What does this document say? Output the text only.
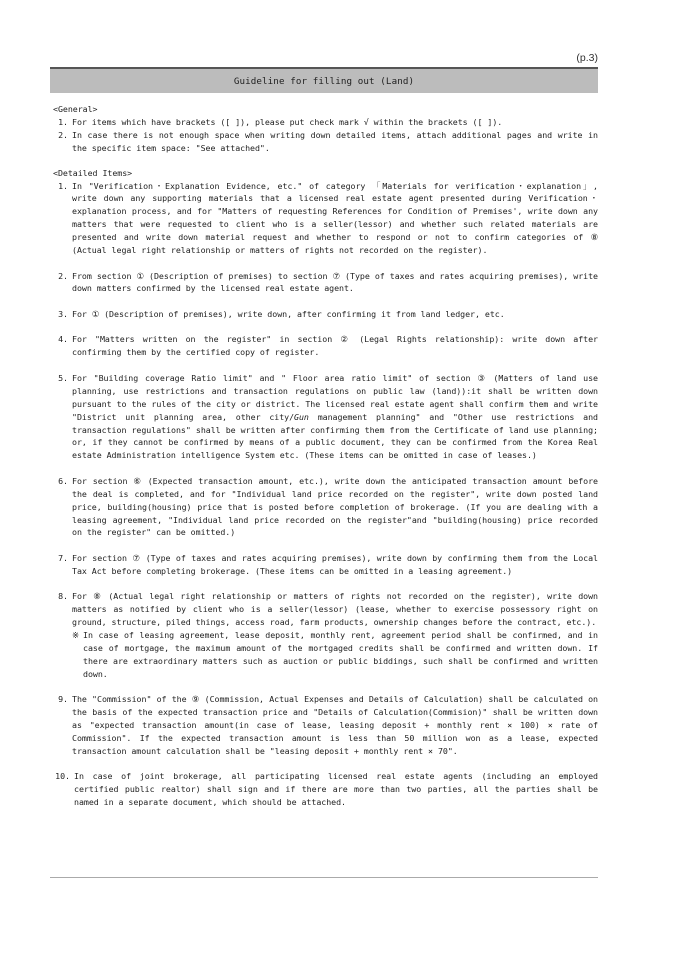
(p.3)
Guideline for filling out (Land)
<General>
1. For items which have brackets ([ ]), please put check mark √ within the brackets ([ ]).
2. In case there is not enough space when writing down detailed items, attach additional pages and write in the specific item space: "See attached".
<Detailed Items>
1. In "Verification・Explanation Evidence, etc." of category 「Materials for verification・explanation」, write down any supporting materials that a licensed real estate agent presented during Verification・explanation process, and for "Matters of requesting References for Condition of Premises', write down any matters that were requested to client who is a seller(lessor) and whether such related materials are presented and write down material request and whether to respond or not to confirm categories of ⑧ (Actual legal right relationship or matters of rights not recorded on the register).
2. From section ① (Description of premises) to section ⑦ (Type of taxes and rates acquiring premises), write down matters confirmed by the licensed real estate agent.
3. For ① (Description of premises), write down, after confirming it from land ledger, etc.
4. For "Matters written on the register" in section ② (Legal Rights relationship): write down after confirming them by the certified copy of register.
5. For "Building coverage Ratio limit" and " Floor area ratio limit" of section ③ (Matters of land use planning, use restrictions and transaction regulations on public law (land)):it shall be written down pursuant to the rules of the city or district. The licensed real estate agent shall confirm them and write "District unit planning area, other city/Gun management planning" and "Other use restrictions and transaction regulations" shall be written after confirming them from the Certificate of land use planning; or, if they cannot be confirmed by means of a public document, they can be confirmed from the Korea Real estate Administration intelligence System etc. (These items can be omitted in case of leases.)
6. For section ⑥ (Expected transaction amount, etc.), write down the anticipated transaction amount before the deal is completed, and for "Individual land price recorded on the register", write down posted land price, building(housing) price that is posted before completion of brokerage. (If you are dealing with a leasing agreement, "Individual land price recorded on the register"and "building(housing) price recorded on the register" can be omitted.)
7. For section ⑦ (Type of taxes and rates acquiring premises), write down by confirming them from the Local Tax Act before completing brokerage. (These items can be omitted in a leasing agreement.)
8. For ⑧ (Actual legal right relationship or matters of rights not recorded on the register), write down matters as notified by client who is a seller(lessor) (lease, whether to exercise possessory right on ground, structure, piled things, access road, farm products, ownership changes before the contract, etc.).
※ In case of leasing agreement, lease deposit, monthly rent, agreement period shall be confirmed, and in case of mortgage, the maximum amount of the mortgaged credits shall be confirmed and written down. If there are extraordinary matters such as auction or public biddings, such shall be confirmed and written down.
9. The "Commission" of the ⑨ (Commission, Actual Expenses and Details of Calculation) shall be calculated on the basis of the expected transaction price and "Details of Calculation(Commision)" shall be written down as "expected transaction amount(in case of lease, leasing deposit + monthly rent × 100) × rate of Commission". If the expected transaction amount is less than 50 million won as a lease, expected transaction amount calculation shall be "leasing deposit + monthly rent × 70".
10. In case of joint brokerage, all participating licensed real estate agents (including an employed certified public realtor) shall sign and if there are more than two parties, all the parties shall be named in a separate document, which should be attached.
